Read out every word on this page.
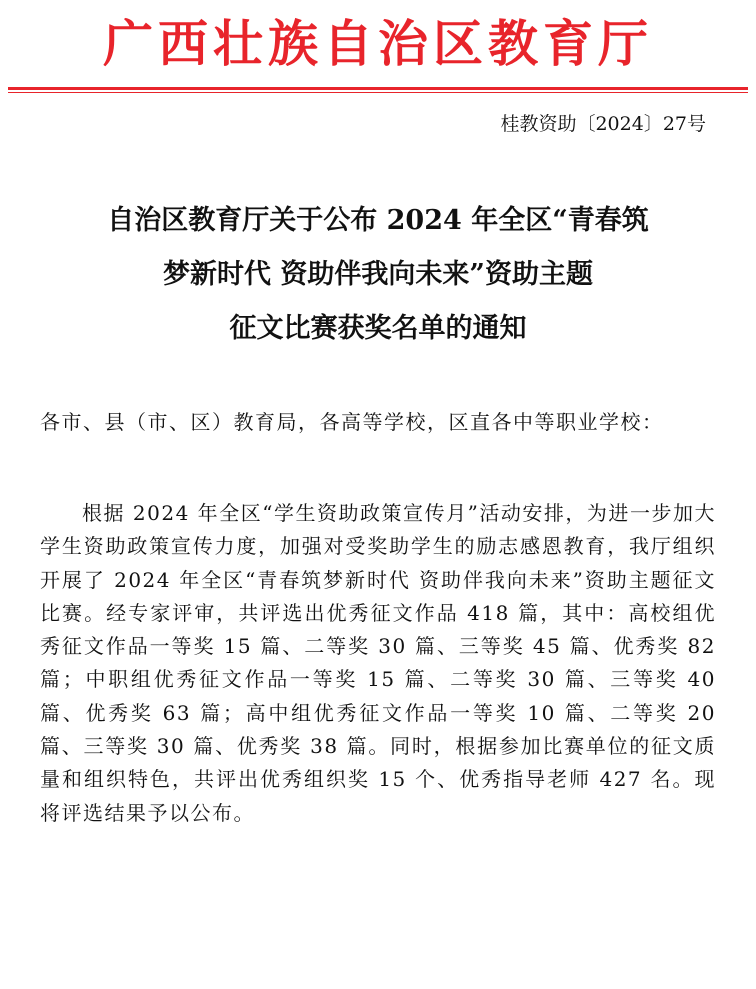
广西壮族自治区教育厅
桂教资助〔2024〕27号
自治区教育厅关于公布 2024 年全区“青春筑
梦新时代 资助伴我向未来”资助主题
征文比赛获奖名单的通知
各市、县（市、区）教育局，各高等学校，区直各中等职业学校：
根据 2024 年全区“学生资助政策宣传月”活动安排，为进一步加大学生资助政策宣传力度，加强对受奖助学生的励志感恩教育，我厅组织开展了 2024 年全区“青春筑梦新时代 资助伴我向未来”资助主题征文比赛。经专家评审，共评选出优秀征文作品 418 篇，其中：高校组优秀征文作品一等奖 15 篇、二等奖 30 篇、三等奖 45 篇、优秀奖 82 篇；中职组优秀征文作品一等奖 15 篇、二等奖 30 篇、三等奖 40 篇、优秀奖 63 篇；高中组优秀征文作品一等奖 10 篇、二等奖 20 篇、三等奖 30 篇、优秀奖 38 篇。同时，根据参加比赛单位的征文质量和组织特色，共评出优秀组织奖 15 个、优秀指导老师 427 名。现将评选结果予以公布。
